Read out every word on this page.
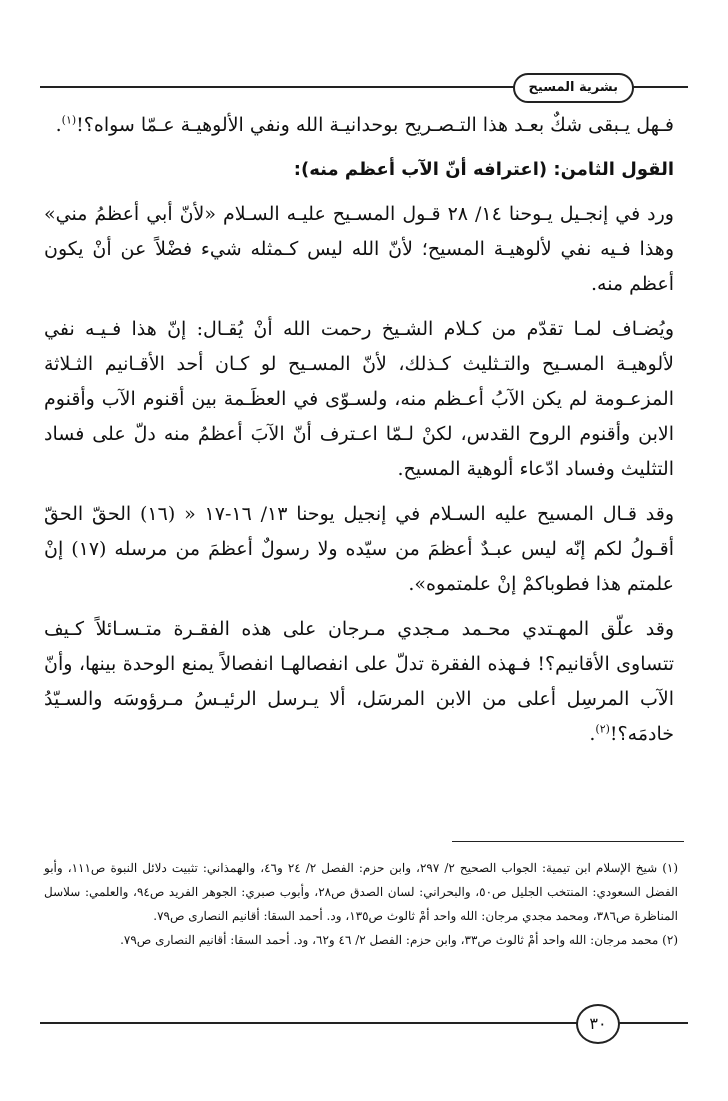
بشرية المسيح

فـهل يـبقى شكٌ بعـد هذا التـصـريح بوحدانيـة الله ونفي الألوهيـة عـمّا سواه؟!$^{(١)}$.

القول الثامن: (اعترافه أنّ الآب أعظم منه):

ورد في إنجـيل يـوحنا ١٤/ ٢٨ قـول المسـيح عليـه السـلام «لأنّ أبي أعظمُ مني» وهذا فـيه نفي لألوهيـة المسيح؛ لأنّ الله ليس كـمثله شيء فضْلاً عن أنْ يكون أعظم منه.

ويُضـاف لمـا تقدّم من كـلام الشـيخ رحمت الله أنْ يُقـال: إنّ هذا فـيـه نفي لألوهيـة المسـيح والتـثليث كـذلك، لأنّ المسـيح لو كـان أحد الأقـانيم الثـلاثة المزعـومة لم يكن الآبُ أعـظم منه، ولسـوّى في العظَـمة بين أقنوم الآب وأقنوم الابن وأقنوم الروح القدس، لكنْ لـمّا اعـترف أنّ الآبَ أعظمُ منه دلّ على فساد التثليث وفساد ادّعاء ألوهية المسيح.

وقد قـال المسيح عليه السـلام في إنجيل يوحنا ١٣/ ١٦-١٧ « (١٦) الحقّ الحقّ أقـولُ لكم إنّه ليس عبـدٌ أعظمَ من سيّده ولا رسولٌ أعظمَ من مرسله (١٧) إنْ علمتم هذا فطوباكمْ إنْ علمتموه».

وقد علّق المهـتدي محـمد مـجدي مـرجان على هذه الفقـرة متـسـائلاً كـيف تتساوى الأقانيم؟! فـهذه الفقرة تدلّ على انفصالهـا انفصالاً يمنع الوحدة بينها، وأنّ الآب المرسِل أعلى من الابن المرسَل، ألا يـرسل الرئيـسُ مـرؤوسَه والسـيّدُ خادمَه؟!$^{(٢)}$.

(١) شيخ الإسلام ابن تيمية: الجواب الصحيح ٢/ ٢٩٧، وابن حزم: الفصل ٢/ ٢٤ و٤٦، والهمذاني: تثبيت دلائل النبوة ص١١١، وأبو الفضل السعودي: المنتخب الجليل ص٥٠، والبحراني: لسان الصدق ص٢٨، وأبوب صبري: الجوهر الفريد ص٩٤، والعلمي: سلاسل المناظرة ص٣٨٦، ومحمد مجدي مرجان: الله واحد أمْ ثالوث ص١٣٥، ود. أحمد السقا: أقانيم النصارى ص٧٩.

(٢) محمد مرجان: الله واحد أمْ ثالوث ص٣٣، وابن حزم: الفصل ٢/ ٤٦ و٦٢، ود. أحمد السقا: أقانيم النصارى ص٧٩.

٣٠
